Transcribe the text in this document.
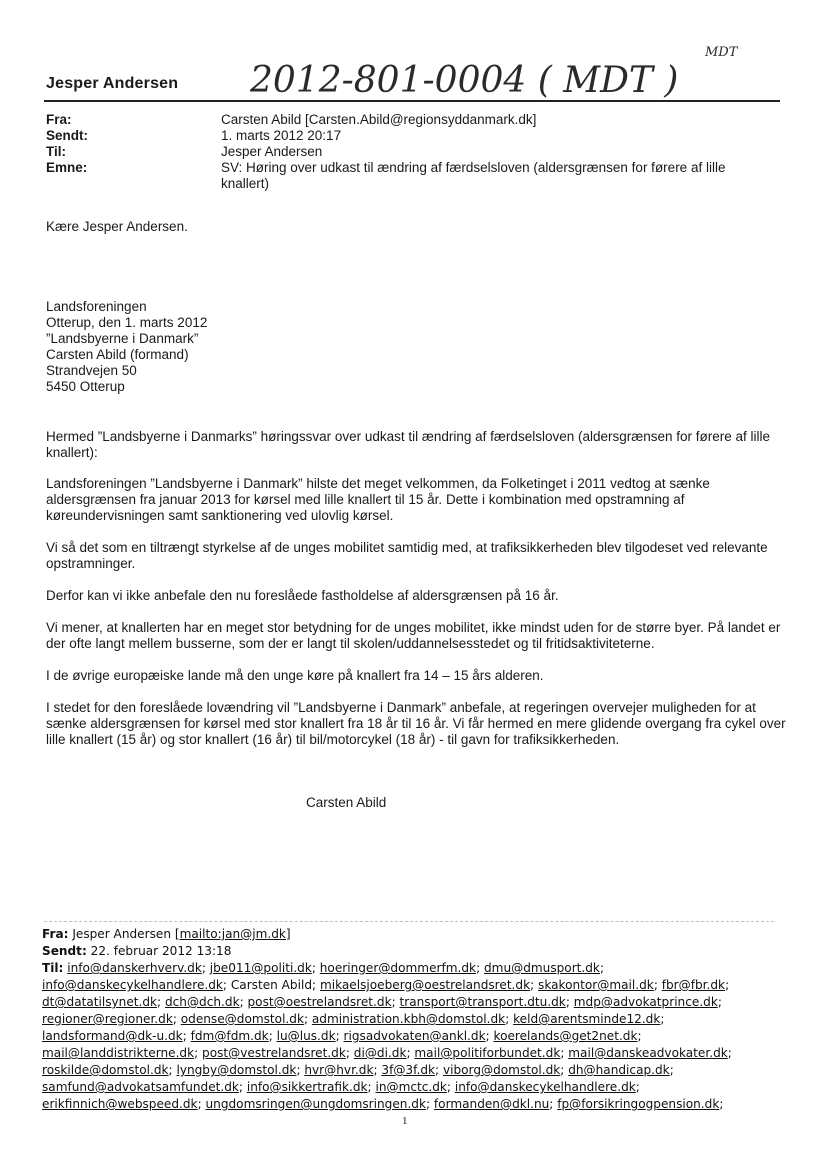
Jesper Andersen 2012-801-0004 ( MDT )
MDT
Fra:	Carsten Abild [Carsten.Abild@regionsyddanmark.dk]
Sendt:	1. marts 2012 20:17
Til:	Jesper Andersen
Emne:	SV: Høring over udkast til ændring af færdselsloven (aldersgrænsen for førere af lille knallert)
Kære Jesper Andersen.
Landsforeningen
Otterup, den 1. marts 2012
”Landsbyerne i Danmark”
Carsten Abild (formand)
Strandvejen 50
5450 Otterup
Hermed ”Landsbyerne i Danmarks” høringssvar over udkast til ændring af færdselsloven (aldersgrænsen for førere af lille knallert):
Landsforeningen ”Landsbyerne i Danmark” hilste det meget velkommen, da Folketinget i 2011 vedtog at sænke aldersgrænsen fra januar 2013 for kørsel med lille knallert til 15 år. Dette i kombination med opstramning af køreundervisningen samt sanktionering ved ulovlig kørsel.
Vi så det som en tiltrængt styrkelse af de unges mobilitet samtidig med, at trafiksikkerheden blev tilgodeset ved relevante opstramninger.
Derfor kan vi ikke anbefale den nu foreslåede fastholdelse af aldersgrænsen på 16 år.
Vi mener, at knallerten har en meget stor betydning for de unges mobilitet, ikke mindst uden for de større byer. På landet er der ofte langt mellem busserne, som der er langt til skolen/uddannelsesstedet og til fritidsaktiviteterne.
I de øvrige europæiske lande må den unge køre på knallert fra 14 – 15 års alderen.
I stedet for den foreslåede lovændring vil ”Landsbyerne i Danmark” anbefale, at regeringen overvejer muligheden for at sænke aldersgrænsen for kørsel med stor knallert fra 18 år til 16 år. Vi får hermed en mere glidende overgang fra cykel over lille knallert (15 år) og stor knallert (16 år) til bil/motorcykel (18 år) - til gavn for trafiksikkerheden.
Carsten Abild
Fra: Jesper Andersen [mailto:jan@jm.dk]
Sendt: 22. februar 2012 13:18
Til: info@danskerhverv.dk; jbe011@politi.dk; hoeringer@dommerfm.dk; dmu@dmusport.dk; info@danskecykelhandlere.dk; Carsten Abild; mikaelsjoeberg@oestrelandsret.dk; skakontor@mail.dk; fbr@fbr.dk; dt@datatilsynet.dk; dch@dch.dk; post@oestrelandsret.dk; transport@transport.dtu.dk; mdp@advokatprince.dk; regioner@regioner.dk; odense@domstol.dk; administration.kbh@domstol.dk; keld@arentsminde12.dk; landsformand@dk-u.dk; fdm@fdm.dk; lu@lus.dk; rigsadvokaten@ankl.dk; koerelands@get2net.dk; mail@landdistrikterne.dk; post@vestrelandsret.dk; di@di.dk; mail@politiforbundet.dk; mail@danskeadvokater.dk; roskilde@domstol.dk; lyngby@domstol.dk; hvr@hvr.dk; 3f@3f.dk; viborg@domstol.dk; dh@handicap.dk; samfund@advokatsamfundet.dk; info@sikkertrafik.dk; in@mctc.dk; info@danskecykelhandlere.dk; erikfinnich@webspeed.dk; ungdomsringen@ungdomsringen.dk; formanden@dkl.nu; fp@forsikringogpension.dk;
1
